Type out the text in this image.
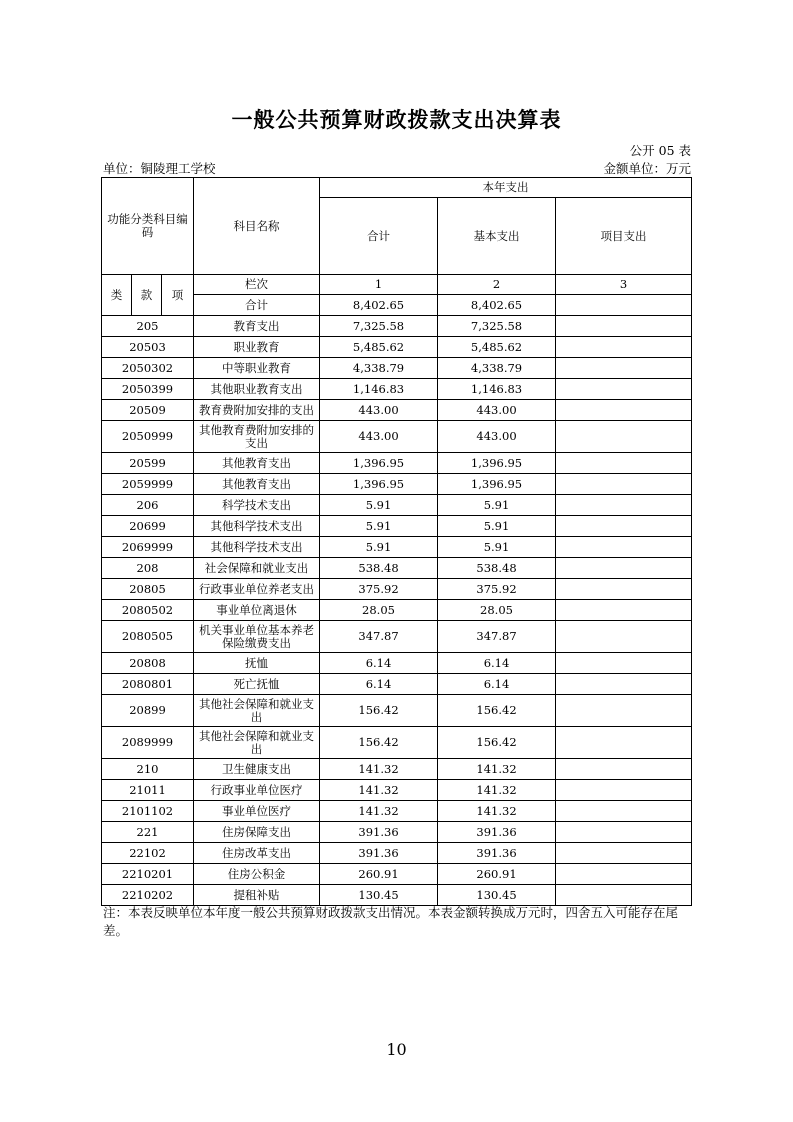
一般公共预算财政拨款支出决算表
公开 05 表
单位：铜陵理工学校	金额单位：万元
功能分类科目编码			科目名称	本年支出		
				合计	基本支出	项目支出
类	款	项	栏次	1	2	3
			合计	8,402.65	8,402.65	
205			教育支出	7,325.58	7,325.58	
20503			职业教育	5,485.62	5,485.62	
2050302			中等职业教育	4,338.79	4,338.79	
2050399			其他职业教育支出	1,146.83	1,146.83	
20509			教育费附加安排的支出	443.00	443.00	
2050999			其他教育费附加安排的支出	443.00	443.00	
20599			其他教育支出	1,396.95	1,396.95	
2059999			其他教育支出	1,396.95	1,396.95	
206			科学技术支出	5.91	5.91	
20699			其他科学技术支出	5.91	5.91	
2069999			其他科学技术支出	5.91	5.91	
208			社会保障和就业支出	538.48	538.48	
20805			行政事业单位养老支出	375.92	375.92	
2080502			事业单位离退休	28.05	28.05	
2080505			机关事业单位基本养老保险缴费支出	347.87	347.87	
20808			抚恤	6.14	6.14	
2080801			死亡抚恤	6.14	6.14	
20899			其他社会保障和就业支出	156.42	156.42	
2089999			其他社会保障和就业支出	156.42	156.42	
210			卫生健康支出	141.32	141.32	
21011			行政事业单位医疗	141.32	141.32	
2101102			事业单位医疗	141.32	141.32	
221			住房保障支出	391.36	391.36	
22102			住房改革支出	391.36	391.36	
2210201			住房公积金	260.91	260.91	
2210202			提租补贴	130.45	130.45	
注：本表反映单位本年度一般公共预算财政拨款支出情况。本表金额转换成万元时，四舍五入可能存在尾差。
10
